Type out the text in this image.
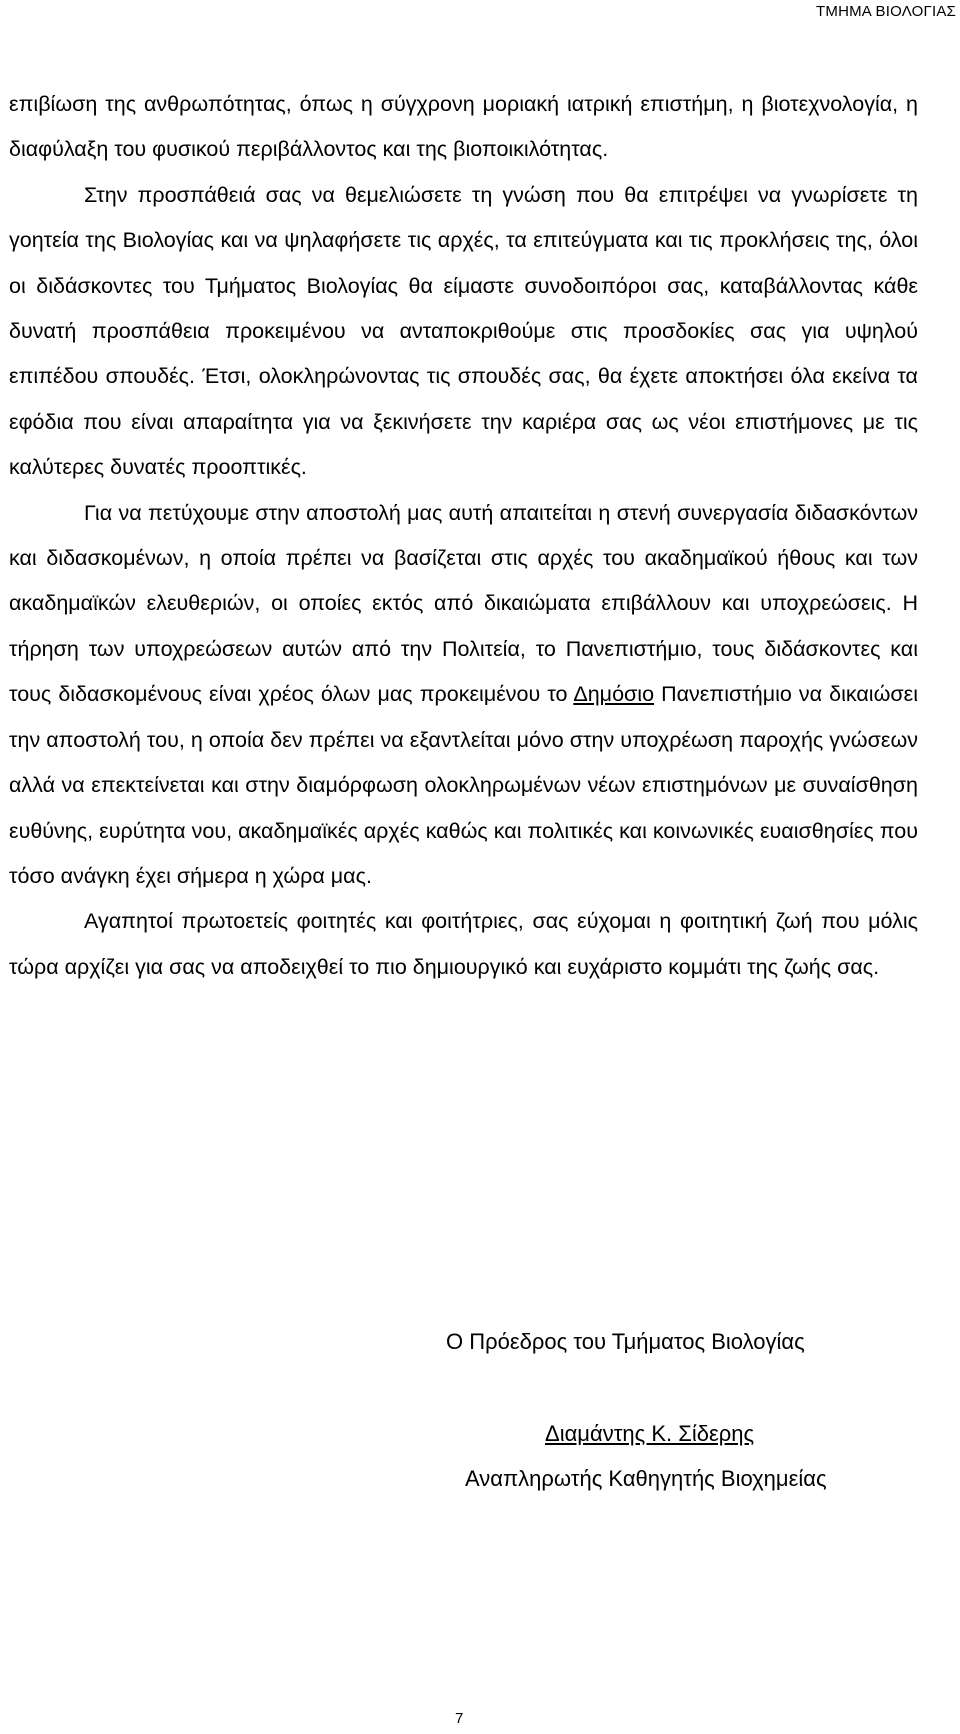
ΤΜΗΜΑ ΒΙΟΛΟΓΙΑΣ

επιβίωση της ανθρωπότητας, όπως η σύγχρονη μοριακή ιατρική επιστήμη, η βιοτεχνολογία, η διαφύλαξη του φυσικού περιβάλλοντος και της βιοποικιλότητας.

Στην προσπάθειά σας να θεμελιώσετε τη γνώση που θα επιτρέψει να γνωρίσετε τη γοητεία της Βιολογίας και να ψηλαφήσετε τις αρχές, τα επιτεύγματα και τις προκλήσεις της, όλοι οι διδάσκοντες του Τμήματος Βιολογίας θα είμαστε συνοδοιπόροι σας, καταβάλλοντας κάθε δυνατή προσπάθεια προκειμένου να ανταποκριθούμε στις προσδοκίες σας για υψηλού επιπέδου σπουδές. Έτσι, ολοκληρώνοντας τις σπουδές σας, θα έχετε αποκτήσει όλα εκείνα τα εφόδια που είναι απαραίτητα για να ξεκινήσετε την καριέρα σας ως νέοι επιστήμονες με τις καλύτερες δυνατές προοπτικές.

Για να πετύχουμε στην αποστολή μας αυτή απαιτείται η στενή συνεργασία διδασκόντων και διδασκομένων, η οποία πρέπει να βασίζεται στις αρχές του ακαδημαϊκού ήθους και των ακαδημαϊκών ελευθεριών, οι οποίες εκτός από δικαιώματα επιβάλλουν και υποχρεώσεις. Η τήρηση των υποχρεώσεων αυτών από την Πολιτεία, το Πανεπιστήμιο, τους διδάσκοντες και τους διδασκομένους είναι χρέος όλων μας προκειμένου το Δημόσιο Πανεπιστήμιο να δικαιώσει την αποστολή του, η οποία δεν πρέπει να εξαντλείται μόνο στην υποχρέωση παροχής γνώσεων αλλά να επεκτείνεται και στην διαμόρφωση ολοκληρωμένων νέων επιστημόνων με συναίσθηση ευθύνης, ευρύτητα νου, ακαδημαϊκές αρχές καθώς και πολιτικές και κοινωνικές ευαισθησίες που τόσο ανάγκη έχει σήμερα η χώρα μας.

Αγαπητοί πρωτοετείς φοιτητές και φοιτήτριες, σας εύχομαι η φοιτητική ζωή που μόλις τώρα αρχίζει για σας να αποδειχθεί το πιο δημιουργικό και ευχάριστο κομμάτι της ζωής σας.

Ο Πρόεδρος του Τμήματος Βιολογίας
Διαμάντης Κ. Σίδερης
Αναπληρωτής Καθηγητής Βιοχημείας
7
